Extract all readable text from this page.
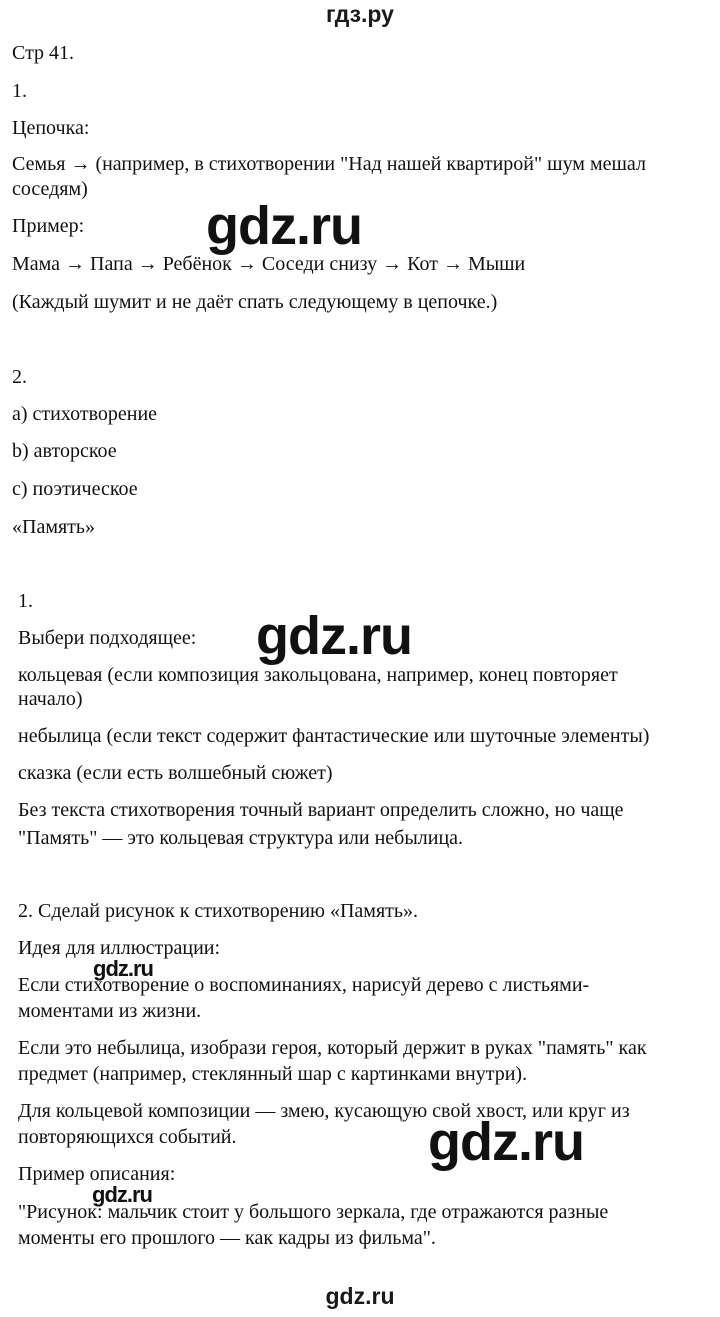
гдз.ру
Стр 41.
1.
Цепочка:
Семья → (например, в стихотворении "Над нашей квартирой" шум мешал
соседям)
Пример:
Мама → Папа → Ребёнок → Соседи снизу → Кот → Мыши
(Каждый шумит и не даёт спать следующему в цепочке.)
2.
а) стихотворение
b) авторское
с) поэтическое
«Память»
1.
Выбери подходящее:
кольцевая (если композиция закольцована, например, конец повторяет
начало)
небылица (если текст содержит фантастические или шуточные элементы)
сказка (если есть волшебный сюжет)
Без текста стихотворения точный вариант определить сложно, но чаще
"Память" — это кольцевая структура или небылица.
2. Сделай рисунок к стихотворению «Память».
Идея для иллюстрации:
Если стихотворение о воспоминаниях, нарисуй дерево с листьями-
моментами из жизни.
Если это небылица, изобрази героя, который держит в руках "память" как
предмет (например, стеклянный шар с картинками внутри).
Для кольцевой композиции — змею, кусающую свой хвост, или круг из
повторяющихся событий.
Пример описания:
"Рисунок: мальчик стоит у большого зеркала, где отражаются разные
моменты его прошлого — как кадры из фильма".
gdz.ru
gdz.ru
gdz.ru
gdz.ru
gdz.ru
gdz.ru
